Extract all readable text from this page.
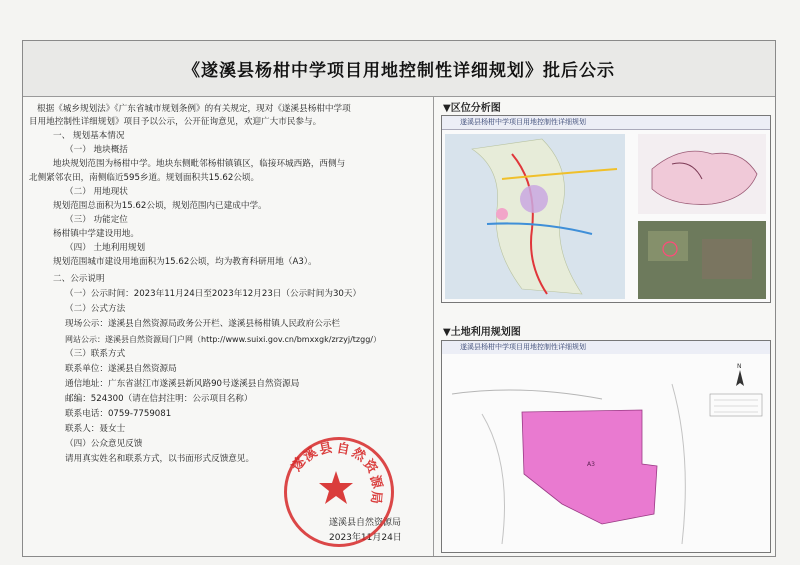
《遂溪县杨柑中学项目用地控制性详细规划》批后公示
根据《城乡规划法》《广东省城市规划条例》的有关规定，现对《遂溪县杨柑中学项
目用地控制性详细规划》项目予以公示，公开征询意见，欢迎广大市民参与。
一、 规划基本情况
（一） 地块概括
地块规划范围为杨柑中学。地块东侧毗邻杨柑镇镇区，临接环城西路，西侧与
北侧紧邻农田，南侧临近595乡道。规划面积共15.62公顷。
（二） 用地现状
规划范围总面积为15.62公顷，规划范围内已建成中学。
（三） 功能定位
杨柑镇中学建设用地。
（四） 土地利用规划
规划范围城市建设用地面积为15.62公顷，均为教育科研用地（A3）。
二、公示说明
（一）公示时间：2023年11月24日至2023年12月23日（公示时间为30天）
（二）公式方法
现场公示：遂溪县自然资源局政务公开栏、遂溪县杨柑镇人民政府公示栏
网站公示：遂溪县自然资源局门户网（http://www.suixi.gov.cn/bmxxgk/zrzyj/tzgg/）
（三）联系方式
联系单位：遂溪县自然资源局
通信地址：广东省湛江市遂溪县新风路90号遂溪县自然资源局
邮编：524300（请在信封注明：公示项目名称）
联系电话：0759-7759081
联系人：聂女士
（四）公众意见反馈
请用真实姓名和联系方式，以书面形式反馈意见。
遂溪县自然资源局
2023年11月24日
▼区位分析图
遂溪县杨柑中学项目用地控制性详细规划
▼土地利用规划图
遂溪县杨柑中学项目用地控制性详细规划
A3
N
遂
溪
县 自
然
资
源
局
